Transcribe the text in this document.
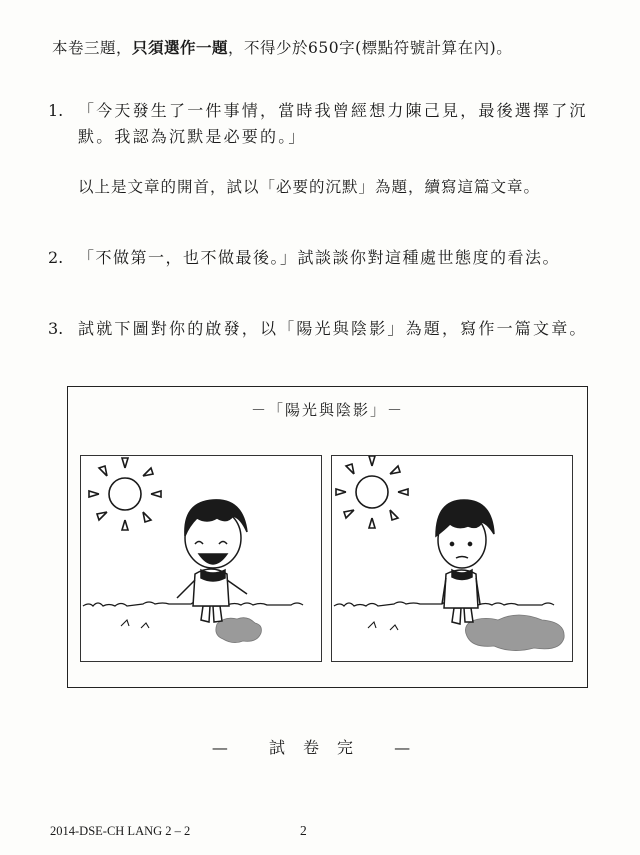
本卷三題，只須選作一題，不得少於650字(標點符號計算在內)。
1. 「今天發生了一件事情，當時我曾經想力陳己見，最後選擇了沉默。我認為沉默是必要的。」
以上是文章的開首，試以「必要的沉默」為題，續寫這篇文章。
2. 「不做第一，也不做最後。」試談談你對這種處世態度的看法。
3. 試就下圖對你的啟發，以「陽光與陰影」為題，寫作一篇文章。
－「陽光與陰影」－
— 試卷完 —
2014-DSE-CH LANG 2 – 2	2
